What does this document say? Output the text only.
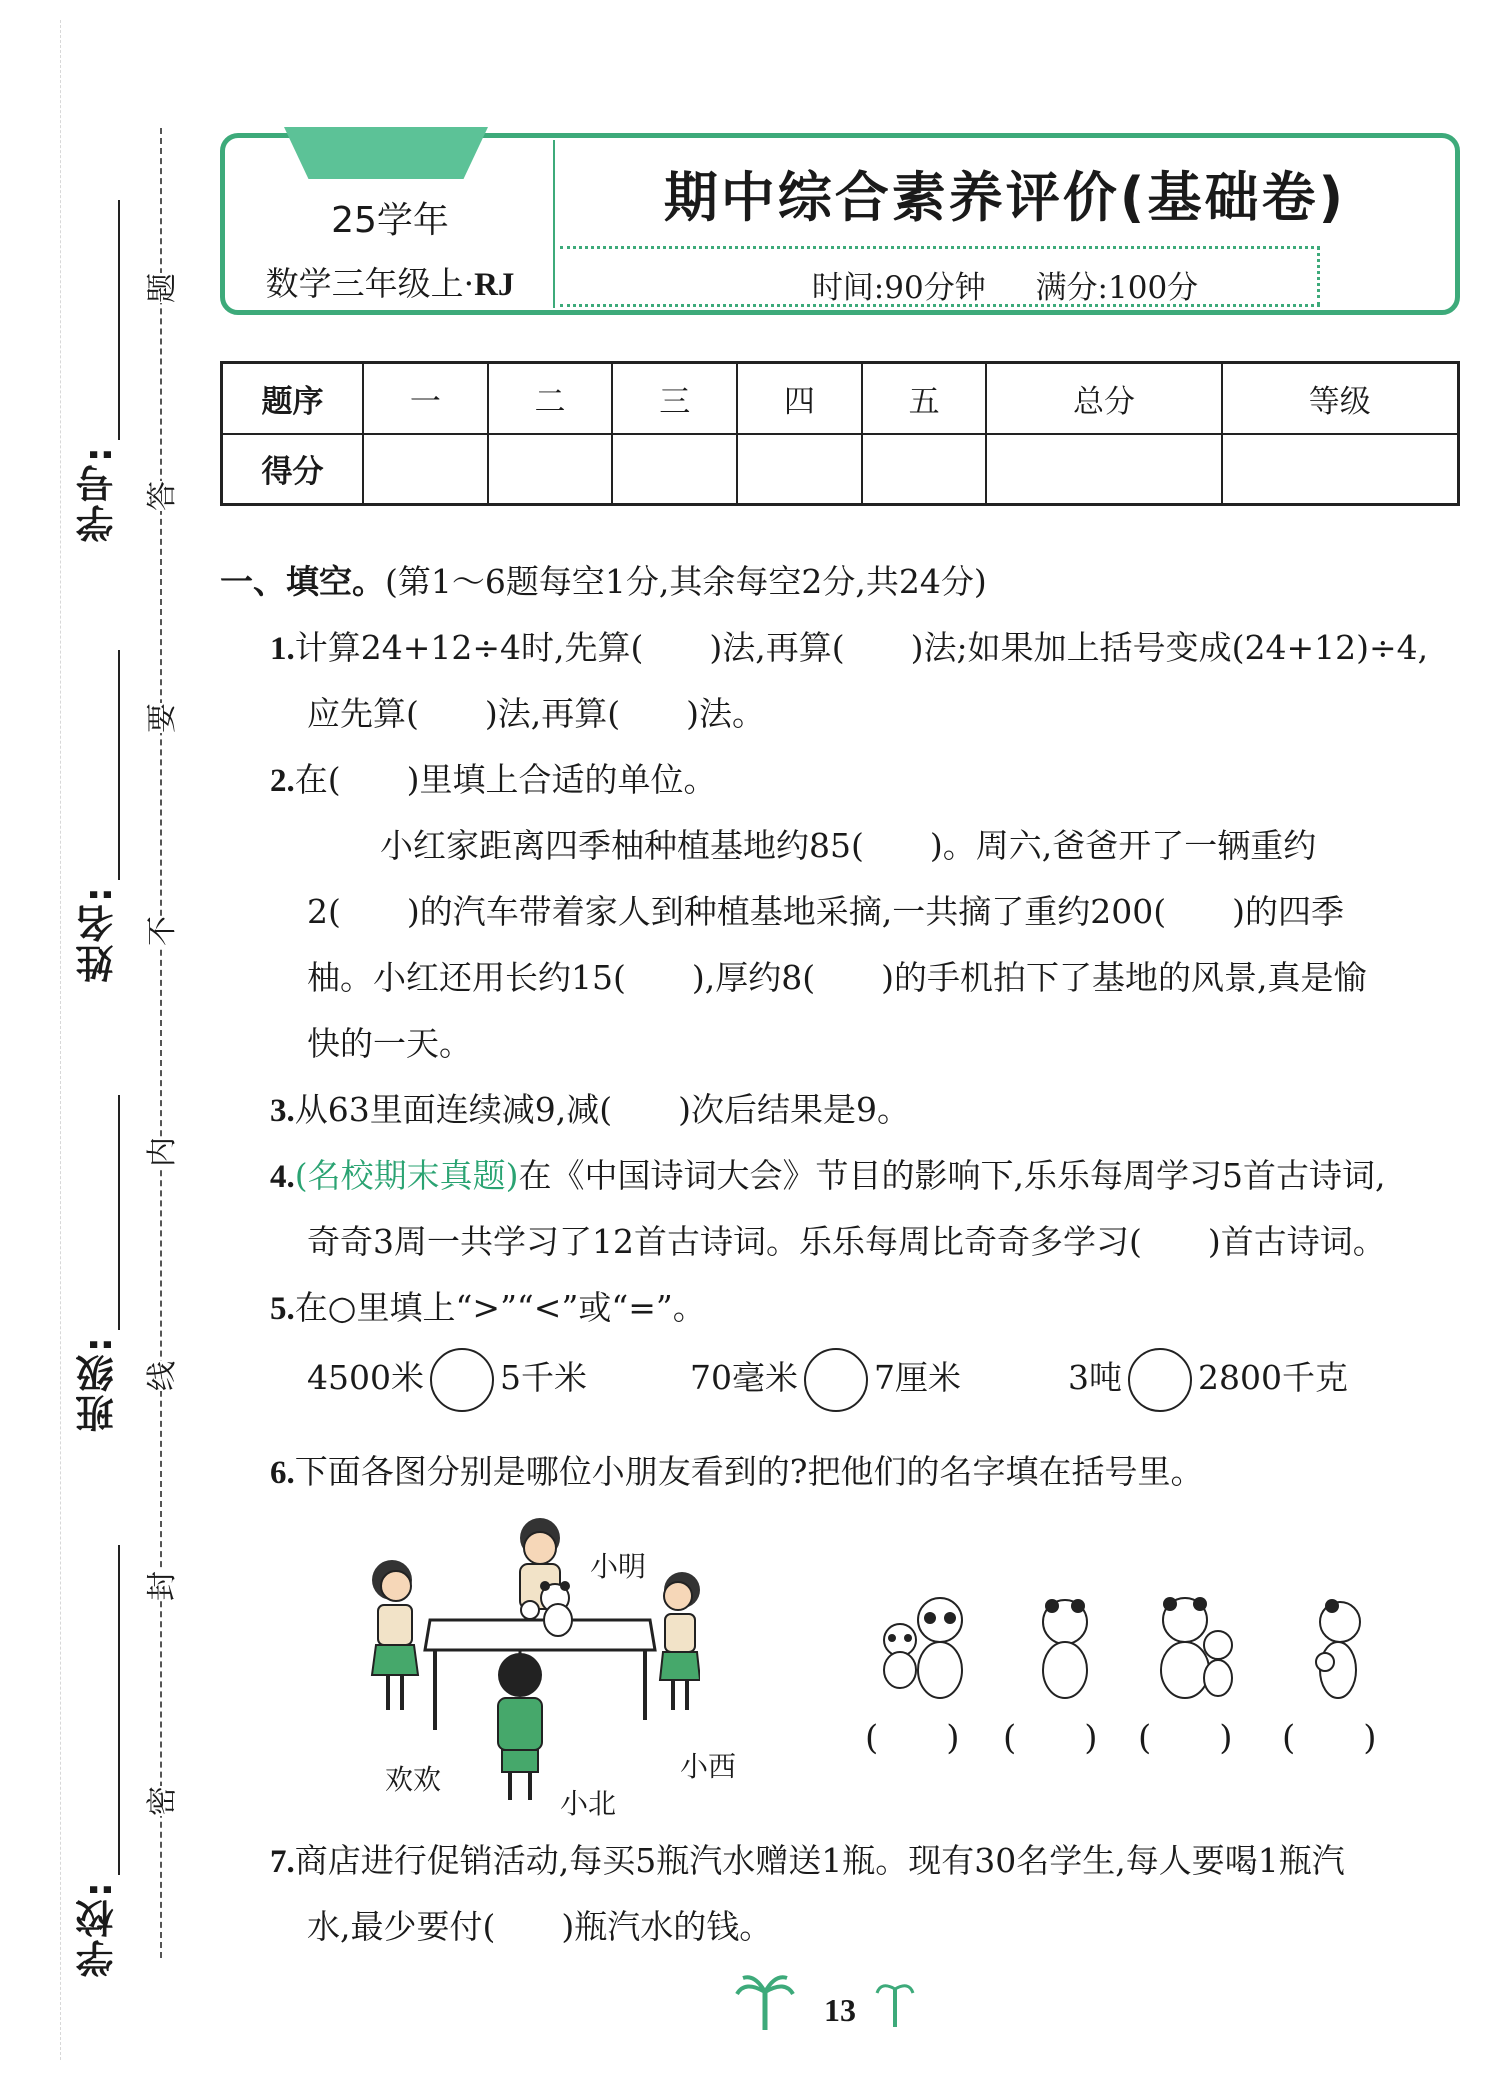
学号:
姓名:
班级:
学校:
题
答
要
不
内
线
封
密
25学年
数学三年级上·RJ
期中综合素养评价(基础卷)
时间:90分钟 满分:100分
题序	一	二	三	四	五	总分	等级
得分							
一、填空。(第1～6题每空1分,其余每空2分,共24分)
1.计算24+12÷4时,先算(　　)法,再算(　　)法;如果加上括号变成(24+12)÷4,
应先算(　　)法,再算(　　)法。
2.在(　　)里填上合适的单位。
小红家距离四季柚种植基地约85(　　)。周六,爸爸开了一辆重约
2(　　)的汽车带着家人到种植基地采摘,一共摘了重约200(　　)的四季
柚。小红还用长约15(　　),厚约8(　　)的手机拍下了基地的风景,真是愉
快的一天。
3.从63里面连续减9,减(　　)次后结果是9。
4.(名校期末真题)在《中国诗词大会》节目的影响下,乐乐每周学习5首古诗词,
奇奇3周一共学习了12首古诗词。乐乐每周比奇奇多学习(　　)首古诗词。
5.在○里填上“>”“<”或“=”。
4500米 5千米	70毫米 7厘米	3吨 2800千克
6.下面各图分别是哪位小朋友看到的?把他们的名字填在括号里。
小明
欢欢	小西
小北
(　　) (　　) (　　) (　　)
7.商店进行促销活动,每买5瓶汽水赠送1瓶。现有30名学生,每人要喝1瓶汽
水,最少要付(　　)瓶汽水的钱。
13
